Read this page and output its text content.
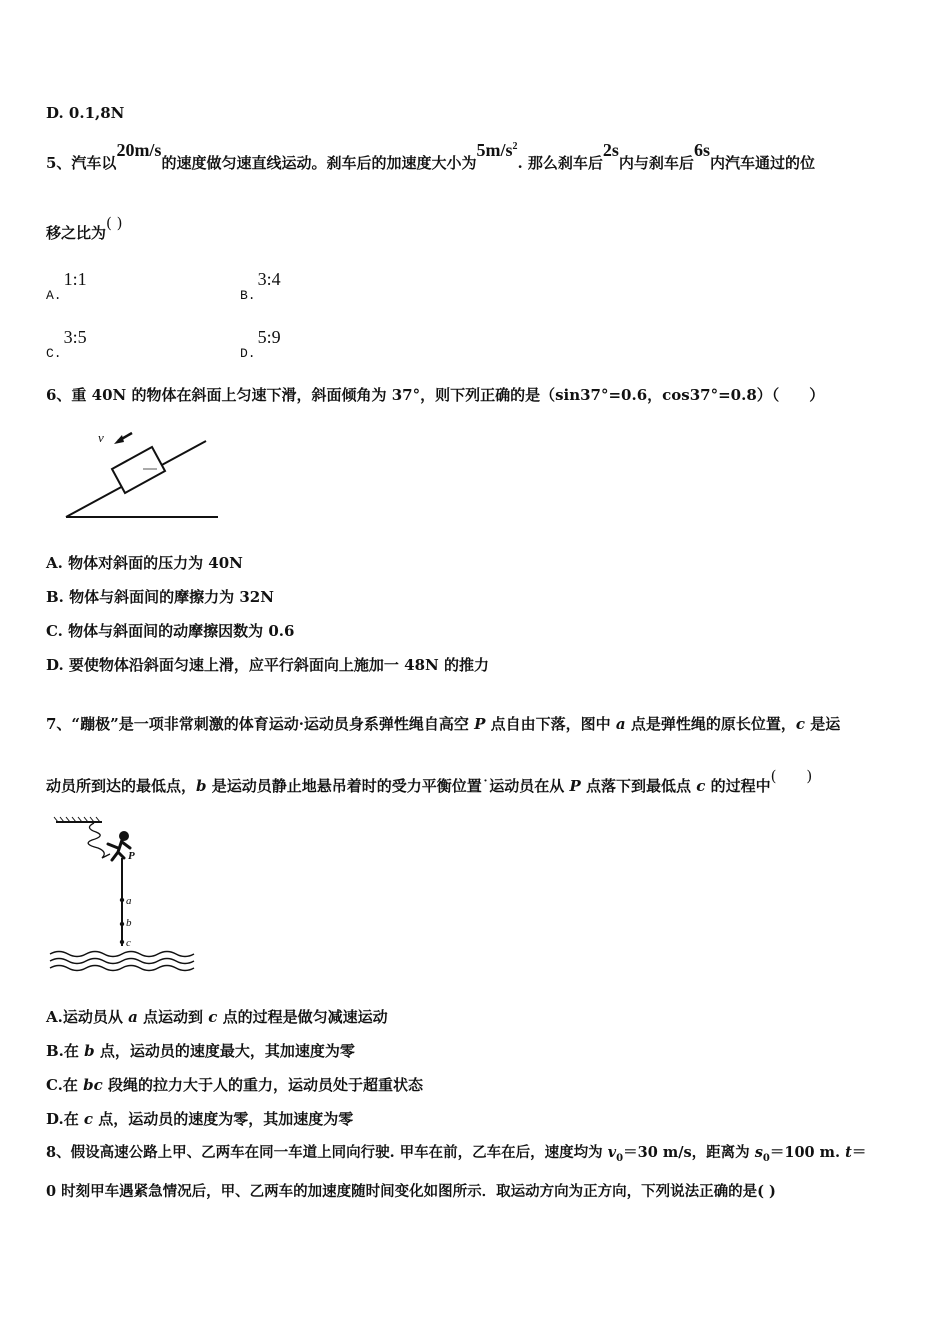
D. 0.1,8N
5、汽车以20m/s的速度做匀速直线运动。刹车后的加速度大小为$5m/s^2$. 那么刹车后2s内与刹车后6s内汽车通过的位
移之比为( )
A.1:1
B.3:4
C.3:5
D.5:9
6、重 40N 的物体在斜面上匀速下滑，斜面倾角为 37°，则下列正确的是（sin37°=0.6，cos37°=0.8）（　　）
v
A. 物体对斜面的压力为 40N
B. 物体与斜面间的摩擦力为 32N
C. 物体与斜面间的动摩擦因数为 0.6
D. 要使物体沿斜面匀速上滑，应平行斜面向上施加一 48N 的推力
7、“蹦极”是一项非常刺激的体育运动·运动员身系弹性绳自高空 P 点自由下落，图中 a 点是弹性绳的原长位置，c 是运
动员所到达的最低点，b 是运动员静止地悬吊着时的受力平衡位置˙运动员在从 P 点落下到最低点 c 的过程中(　　)
P
a
b
c
A.运动员从 a 点运动到 c 点的过程是做匀减速运动
B.在 b 点，运动员的速度最大，其加速度为零
C.在 bc 段绳的拉力大于人的重力，运动员处于超重状态
D.在 c 点，运动员的速度为零，其加速度为零
8、假设高速公路上甲、乙两车在同一车道上同向行驶. 甲车在前，乙车在后，速度均为 $v_0=30$ m/s，距离为 $s_0=100$ m. t＝
0 时刻甲车遇紧急情况后，甲、乙两车的加速度随时间变化如图所示．取运动方向为正方向，下列说法正确的是( )
